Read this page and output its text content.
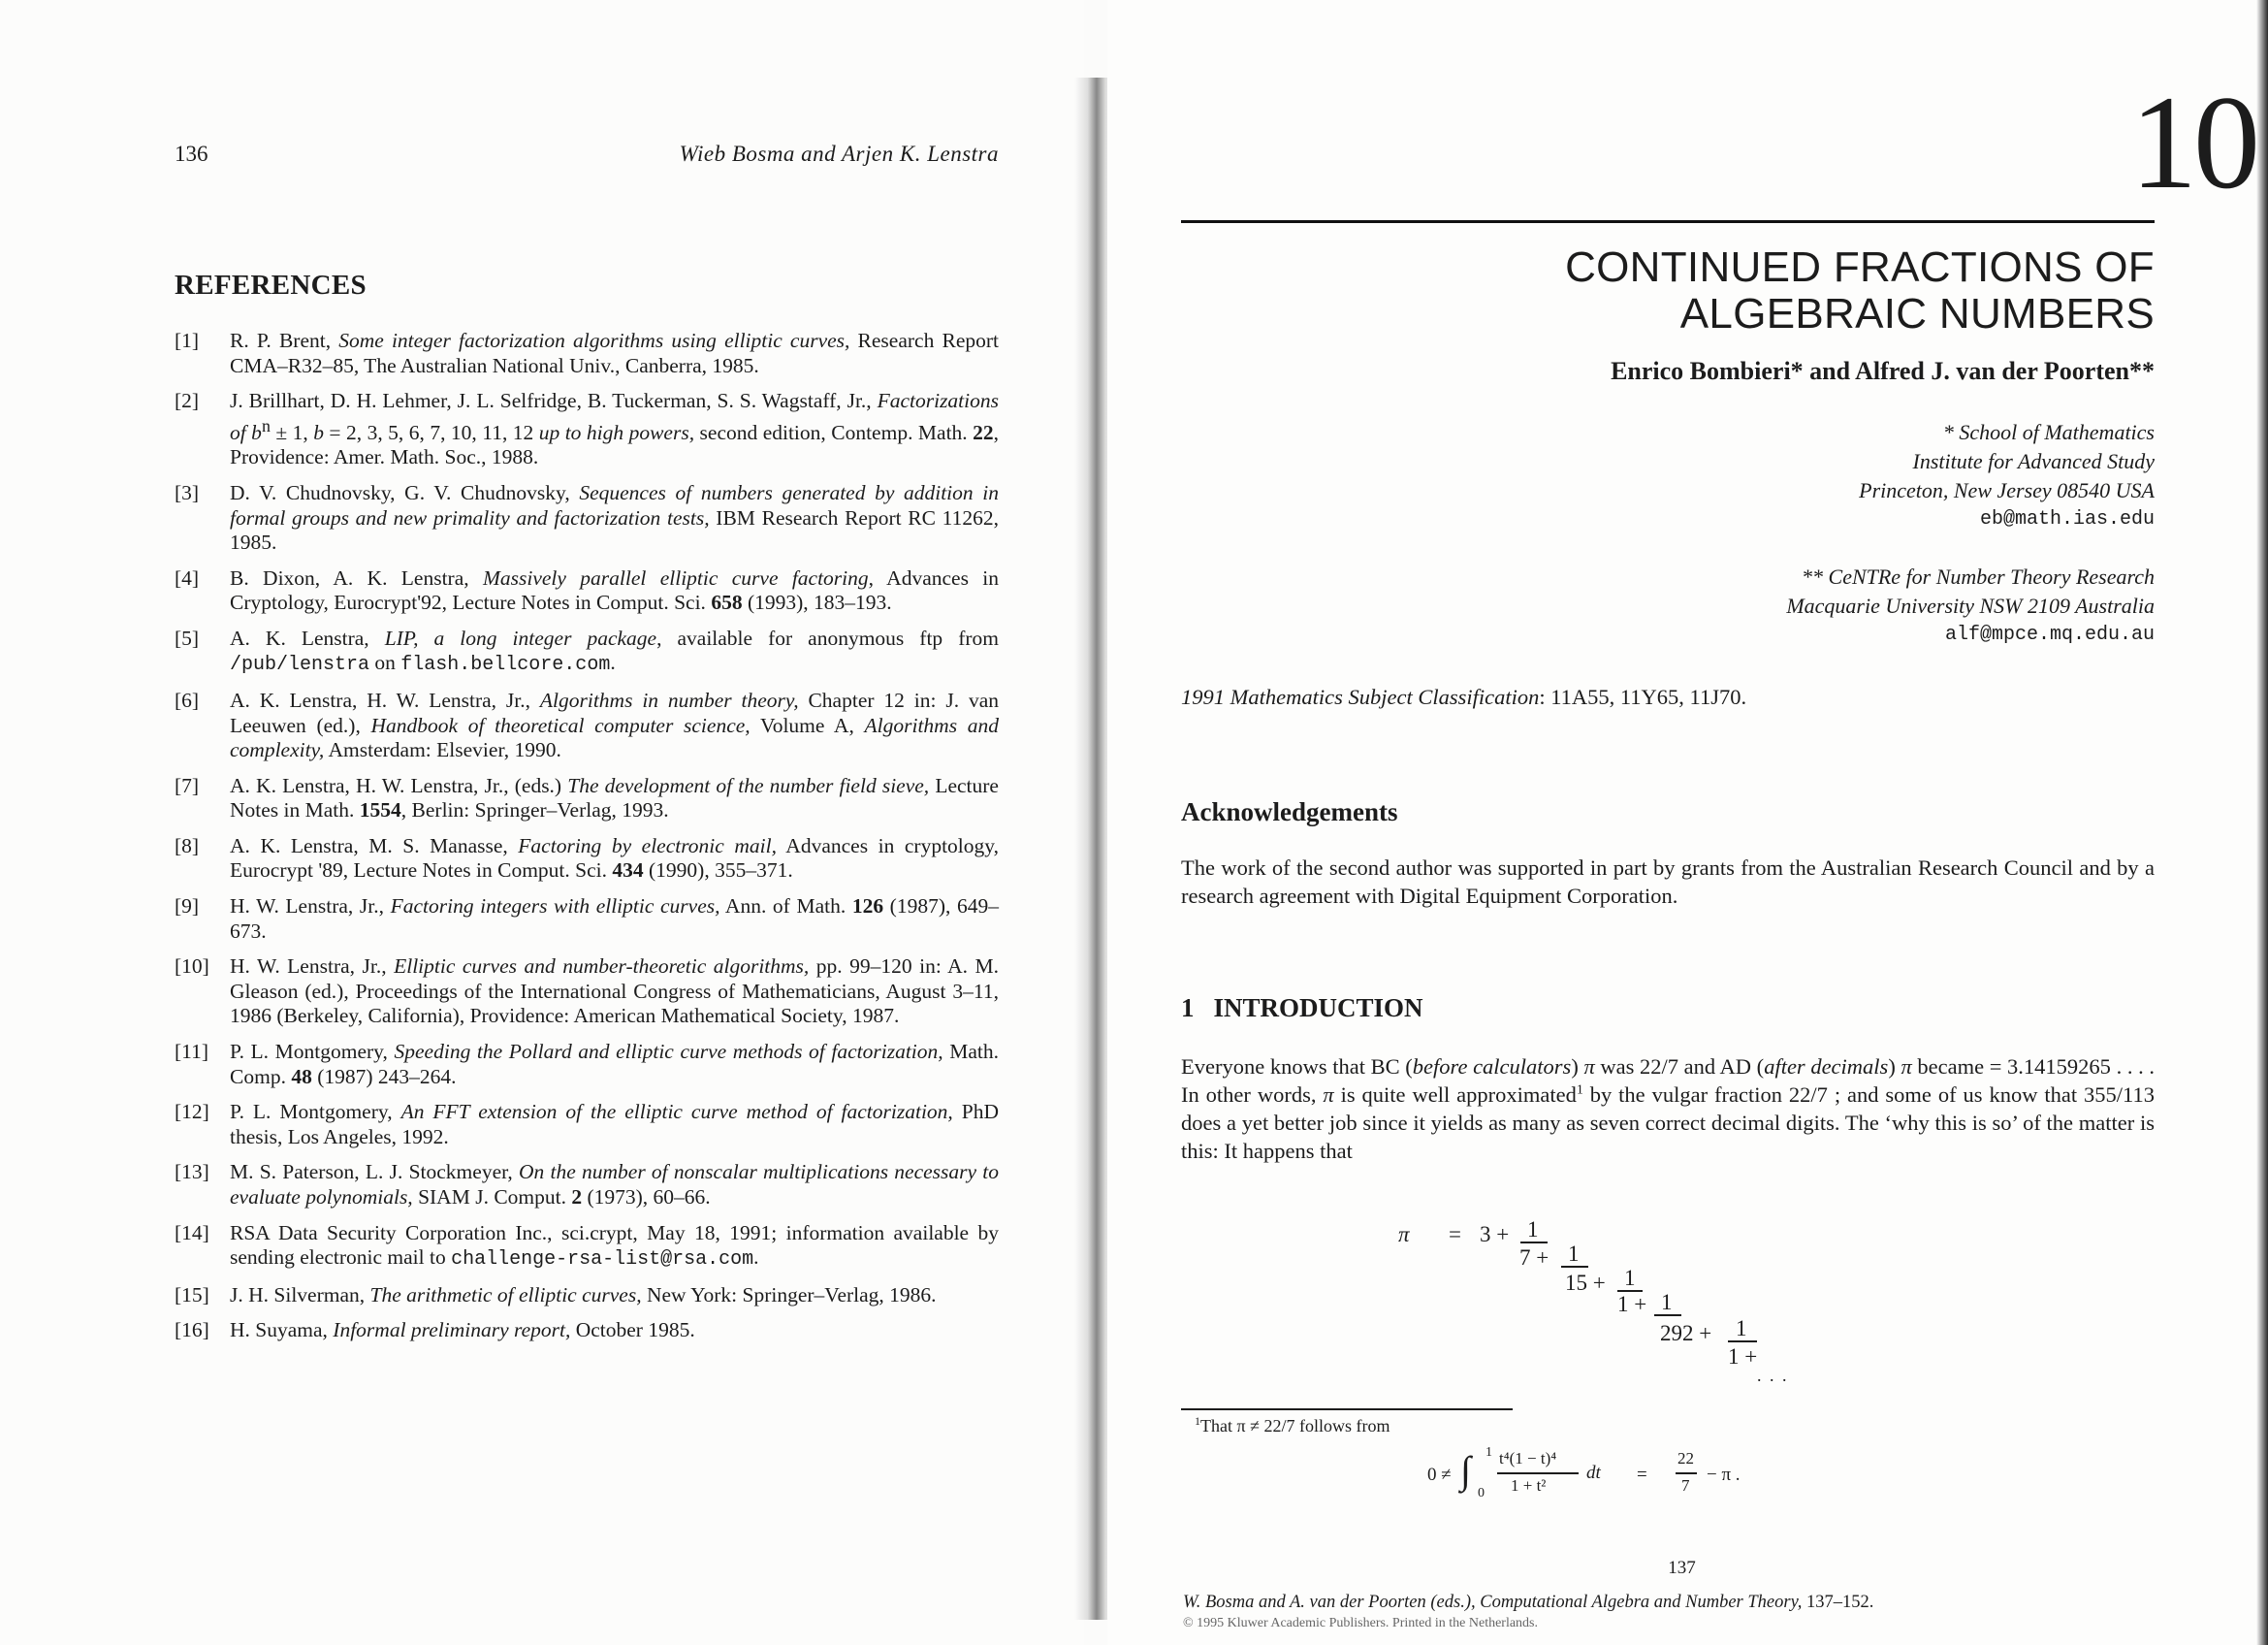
136	Wieb Bosma and Arjen K. Lenstra
REFERENCES
[1] R. P. Brent, Some integer factorization algorithms using elliptic curves, Research Report CMA–R32–85, The Australian National Univ., Canberra, 1985.
[2] J. Brillhart, D. H. Lehmer, J. L. Selfridge, B. Tuckerman, S. S. Wagstaff, Jr., Factorizations of $b^n \pm 1$, b = 2, 3, 5, 6, 7, 10, 11, 12 up to high powers, second edition, Contemp. Math. 22, Providence: Amer. Math. Soc., 1988.
[3] D. V. Chudnovsky, G. V. Chudnovsky, Sequences of numbers generated by addition in formal groups and new primality and factorization tests, IBM Research Report RC 11262, 1985.
[4] B. Dixon, A. K. Lenstra, Massively parallel elliptic curve factoring, Advances in Cryptology, Eurocrypt'92, Lecture Notes in Comput. Sci. 658 (1993), 183–193.
[5] A. K. Lenstra, LIP, a long integer package, available for anonymous ftp from /pub/lenstra on flash.bellcore.com.
[6] A. K. Lenstra, H. W. Lenstra, Jr., Algorithms in number theory, Chapter 12 in: J. van Leeuwen (ed.), Handbook of theoretical computer science, Volume A, Algorithms and complexity, Amsterdam: Elsevier, 1990.
[7] A. K. Lenstra, H. W. Lenstra, Jr., (eds.) The development of the number field sieve, Lecture Notes in Math. 1554, Berlin: Springer–Verlag, 1993.
[8] A. K. Lenstra, M. S. Manasse, Factoring by electronic mail, Advances in cryptology, Eurocrypt '89, Lecture Notes in Comput. Sci. 434 (1990), 355–371.
[9] H. W. Lenstra, Jr., Factoring integers with elliptic curves, Ann. of Math. 126 (1987), 649–673.
[10] H. W. Lenstra, Jr., Elliptic curves and number-theoretic algorithms, pp. 99–120 in: A. M. Gleason (ed.), Proceedings of the International Congress of Mathematicians, August 3–11, 1986 (Berkeley, California), Providence: American Mathematical Society, 1987.
[11] P. L. Montgomery, Speeding the Pollard and elliptic curve methods of factorization, Math. Comp. 48 (1987) 243–264.
[12] P. L. Montgomery, An FFT extension of the elliptic curve method of factorization, PhD thesis, Los Angeles, 1992.
[13] M. S. Paterson, L. J. Stockmeyer, On the number of nonscalar multiplications necessary to evaluate polynomials, SIAM J. Comput. 2 (1973), 60–66.
[14] RSA Data Security Corporation Inc., sci.crypt, May 18, 1991; information available by sending electronic mail to challenge-rsa-list@rsa.com.
[15] J. H. Silverman, The arithmetic of elliptic curves, New York: Springer–Verlag, 1986.
[16] H. Suyama, Informal preliminary report, October 1985.
10
CONTINUED FRACTIONS OF
ALGEBRAIC NUMBERS
Enrico Bombieri* and Alfred J. van der Poorten**
* School of Mathematics
Institute for Advanced Study
Princeton, New Jersey 08540 USA
eb@math.ias.edu
** CeNTRe for Number Theory Research
Macquarie University NSW 2109 Australia
alf@mpce.mq.edu.au
1991 Mathematics Subject Classification: 11A55, 11Y65, 11J70.
Acknowledgements
The work of the second author was supported in part by grants from the Australian Research Council and by a research agreement with Digital Equipment Corporation.
1 INTRODUCTION
Everyone knows that BC (before calculators) π was 22/7 and AD (after decimals) π became = 3.14159265 . . . . In other words, π is quite well approximated$^1$ by the vulgar fraction 22/7 ; and some of us know that 355/113 does a yet better job since it yields as many as seven correct decimal digits. The ‘why this is so’ of the matter is this: It happens that
π = 3 + 1
7 + 1
15 + 1
1 + 1
292 + 1
1 +
. . .
$^1$That π ≠ 22/7 follows from
0 ≠ ∫ 1
0
t⁴(1 − t)⁴
1 + t²
dt =
22
7
− π .
137
W. Bosma and A. van der Poorten (eds.), Computational Algebra and Number Theory, 137–152.
© 1995 Kluwer Academic Publishers. Printed in the Netherlands.
